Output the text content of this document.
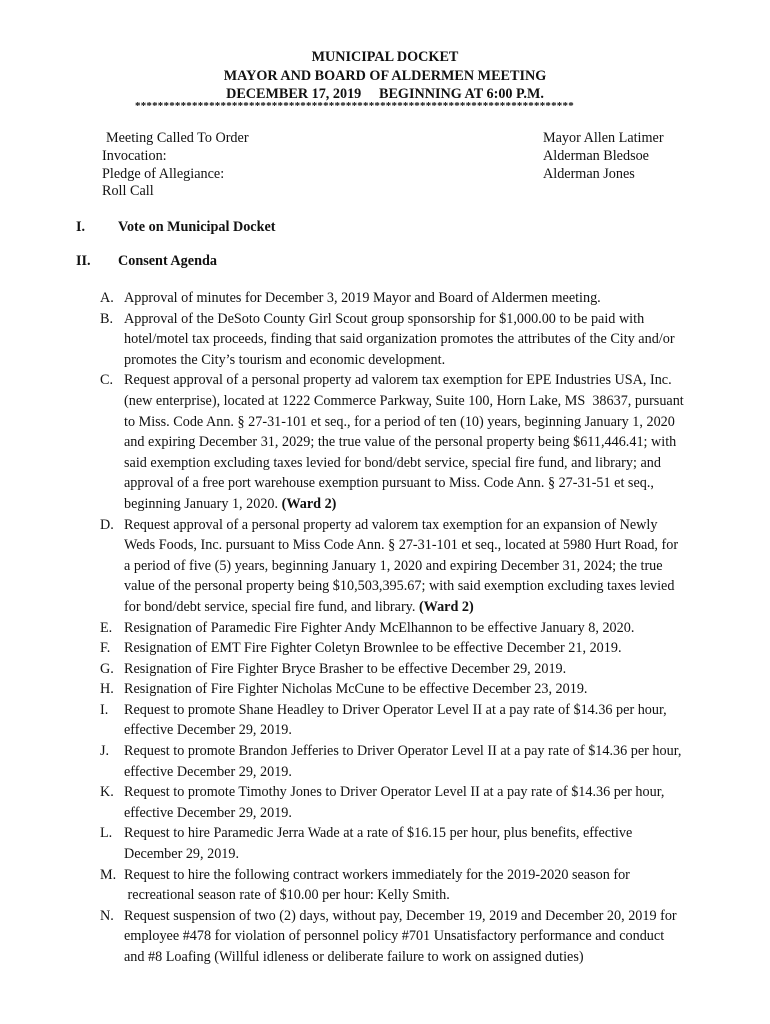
MUNICIPAL DOCKET
MAYOR AND BOARD OF ALDERMEN MEETING
DECEMBER 17, 2019     BEGINNING AT 6:00 P.M.
*****************************************************************************
Meeting Called To Order
Invocation:
Pledge of Allegiance:
Roll Call
Mayor Allen Latimer
Alderman Bledsoe
Alderman Jones
I. Vote on Municipal Docket
II. Consent Agenda
A. Approval of minutes for December 3, 2019 Mayor and Board of Aldermen meeting.
B. Approval of the DeSoto County Girl Scout group sponsorship for $1,000.00 to be paid with
hotel/motel tax proceeds, finding that said organization promotes the attributes of the City and/or
promotes the City’s tourism and economic development.
C. Request approval of a personal property ad valorem tax exemption for EPE Industries USA, Inc.
(new enterprise), located at 1222 Commerce Parkway, Suite 100, Horn Lake, MS  38637, pursuant
to Miss. Code Ann. § 27-31-101 et seq., for a period of ten (10) years, beginning January 1, 2020
and expiring December 31, 2029; the true value of the personal property being $611,446.41; with
said exemption excluding taxes levied for bond/debt service, special fire fund, and library; and
approval of a free port warehouse exemption pursuant to Miss. Code Ann. § 27-31-51 et seq.,
beginning January 1, 2020. (Ward 2)
D. Request approval of a personal property ad valorem tax exemption for an expansion of Newly
Weds Foods, Inc. pursuant to Miss Code Ann. § 27-31-101 et seq., located at 5980 Hurt Road, for
a period of five (5) years, beginning January 1, 2020 and expiring December 31, 2024; the true
value of the personal property being $10,503,395.67; with said exemption excluding taxes levied
for bond/debt service, special fire fund, and library. (Ward 2)
E. Resignation of Paramedic Fire Fighter Andy McElhannon to be effective January 8, 2020.
F. Resignation of EMT Fire Fighter Coletyn Brownlee to be effective December 21, 2019.
G. Resignation of Fire Fighter Bryce Brasher to be effective December 29, 2019.
H. Resignation of Fire Fighter Nicholas McCune to be effective December 23, 2019.
I.	Request to promote Shane Headley to Driver Operator Level II at a pay rate of $14.36 per hour,
effective December 29, 2019.
J.	Request to promote Brandon Jefferies to Driver Operator Level II at a pay rate of $14.36 per hour,
effective December 29, 2019.
K. Request to promote Timothy Jones to Driver Operator Level II at a pay rate of $14.36 per hour,
effective December 29, 2019.
L. Request to hire Paramedic Jerra Wade at a rate of $16.15 per hour, plus benefits, effective
December 29, 2019.
M. Request to hire the following contract workers immediately for the 2019-2020 season for
recreational season rate of $10.00 per hour: Kelly Smith.
N. Request suspension of two (2) days, without pay, December 19, 2019 and December 20, 2019 for
employee #478 for violation of personnel policy #701 Unsatisfactory performance and conduct
and #8 Loafing (Willful idleness or deliberate failure to work on assigned duties)
